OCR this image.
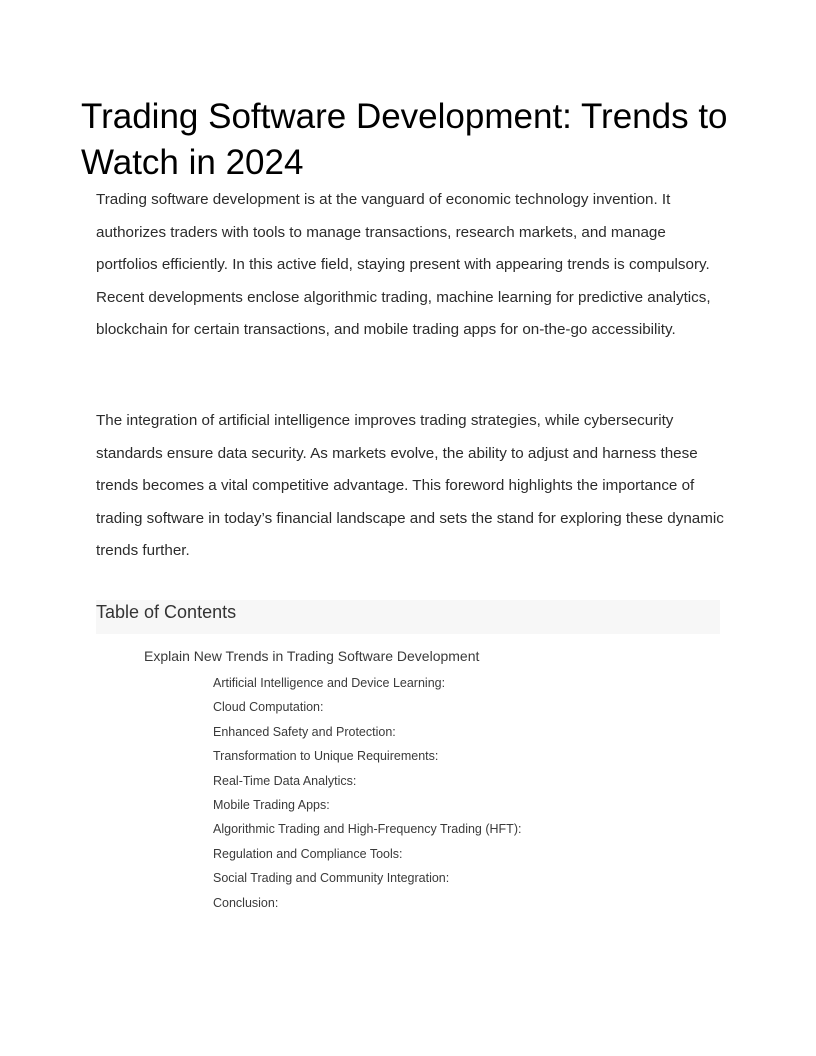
Trading Software Development: Trends to Watch in 2024

Trading software development is at the vanguard of economic technology invention. It authorizes traders with tools to manage transactions, research markets, and manage portfolios efficiently. In this active field, staying present with appearing trends is compulsory. Recent developments enclose algorithmic trading, machine learning for predictive analytics, blockchain for certain transactions, and mobile trading apps for on-the-go accessibility.

The integration of artificial intelligence improves trading strategies, while cybersecurity standards ensure data security. As markets evolve, the ability to adjust and harness these trends becomes a vital competitive advantage. This foreword highlights the importance of trading software in today’s financial landscape and sets the stand for exploring these dynamic trends further.

Table of Contents
Explain New Trends in Trading Software Development
Artificial Intelligence and Device Learning:
Cloud Computation:
Enhanced Safety and Protection:
Transformation to Unique Requirements:
Real-Time Data Analytics:
Mobile Trading Apps:
Algorithmic Trading and High-Frequency Trading (HFT):
Regulation and Compliance Tools:
Social Trading and Community Integration:
Conclusion:
